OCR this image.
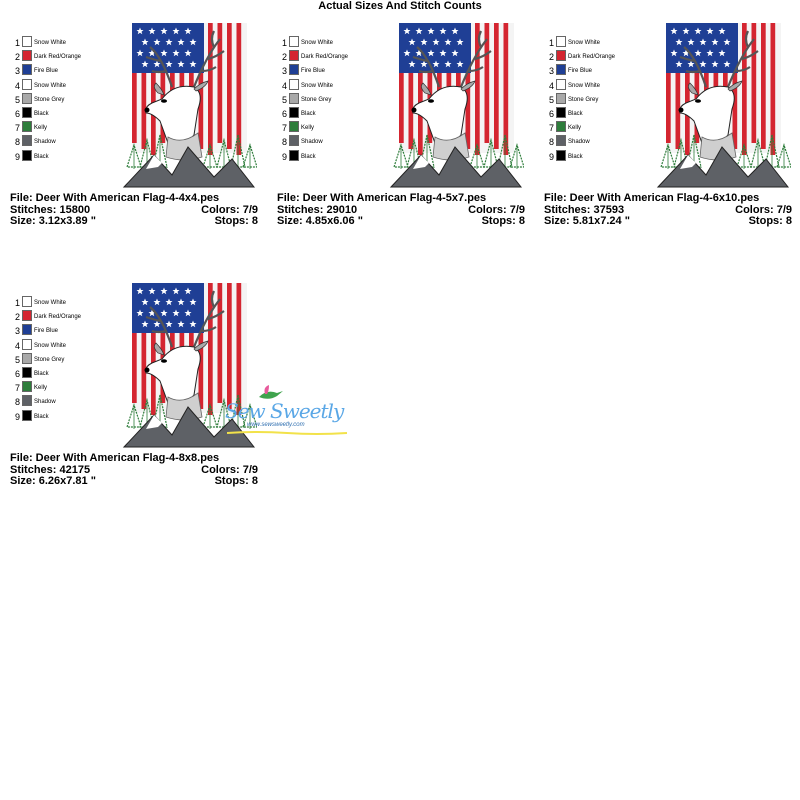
Actual Sizes And Stitch Counts
1 Snow White
2 Dark Red/Orange
3 Fire Blue
4 Snow White
5 Stone Grey
6 Black
7 Kelly
8 Shadow
9 Black
File: Deer With American Flag-4-4x4.pes
Stitches: 15800	Colors: 7/9
Size: 3.12x3.89 "	Stops: 8
1 Snow White
2 Dark Red/Orange
3 Fire Blue
4 Snow White
5 Stone Grey
6 Black
7 Kelly
8 Shadow
9 Black
File: Deer With American Flag-4-5x7.pes
Stitches: 29010	Colors: 7/9
Size: 4.85x6.06 "	Stops: 8
1 Snow White
2 Dark Red/Orange
3 Fire Blue
4 Snow White
5 Stone Grey
6 Black
7 Kelly
8 Shadow
9 Black
File: Deer With American Flag-4-6x10.pes
Stitches: 37593	Colors: 7/9
Size: 5.81x7.24 "	Stops: 8
1 Snow White
2 Dark Red/Orange
3 Fire Blue
4 Snow White
5 Stone Grey
6 Black
7 Kelly
8 Shadow
9 Black
File: Deer With American Flag-4-8x8.pes
Stitches: 42175	Colors: 7/9
Size: 6.26x7.81 "	Stops: 8
Sew Sweetly
www.sewsweetly.com
